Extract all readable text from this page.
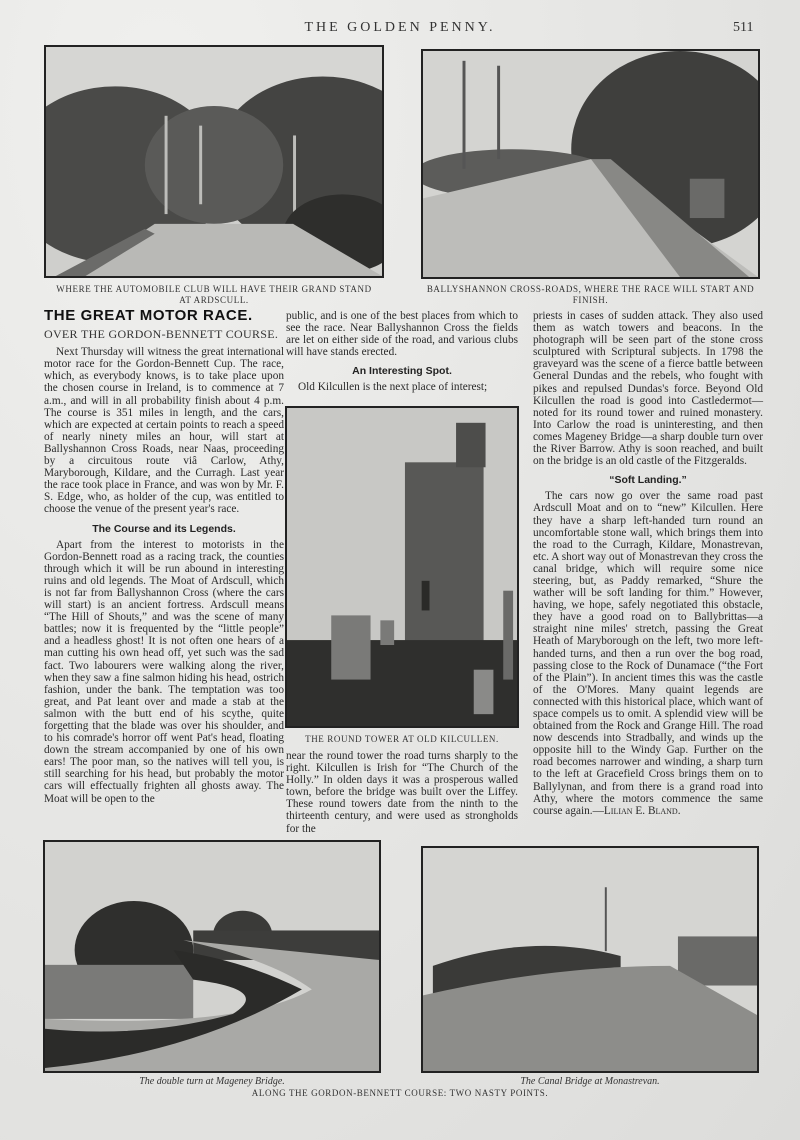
THE GOLDEN PENNY.	511
WHERE THE AUTOMOBILE CLUB WILL HAVE THEIR GRAND STAND
AT ARDSCULL.
BALLYSHANNON CROSS-ROADS, WHERE THE RACE WILL START AND
FINISH.
THE GREAT MOTOR RACE.
OVER THE GORDON-BENNETT COURSE.

Next Thursday will witness the great international motor race for the Gordon-Bennett Cup. The race, which, as everybody knows, is to take place upon the chosen course in Ireland, is to commence at 7 a.m., and will in all probability finish about 4 p.m. The course is 351 miles in length, and the cars, which are expected at certain points to reach a speed of nearly ninety miles an hour, will start at Ballyshannon Cross Roads, near Naas, proceeding by a circuitous route viâ Carlow, Athy, Maryborough, Kildare, and the Curragh. Last year the race took place in France, and was won by Mr. F. S. Edge, who, as holder of the cup, was entitled to choose the venue of the present year's race.

The Course and its Legends.

Apart from the interest to motorists in the Gordon-Bennett road as a racing track, the counties through which it will be run abound in interesting ruins and old legends. The Moat of Ardscull, which is not far from Ballyshannon Cross (where the cars will start) is an ancient fortress. Ardscull means “The Hill of Shouts,” and was the scene of many battles; now it is frequented by the “little people” and a headless ghost! It is not often one hears of a man cutting his own head off, yet such was the sad fact. Two labourers were walking along the river, when they saw a fine salmon hiding his head, ostrich fashion, under the bank. The temptation was too great, and Pat leant over and made a stab at the salmon with the butt end of his scythe, quite forgetting that the blade was over his shoulder, and to his comrade's horror off went Pat's head, floating down the stream accompanied by one of his own ears! The poor man, so the natives will tell you, is still searching for his head, but probably the motor cars will effectually frighten all ghosts away. The Moat will be open to the

public, and is one of the best places from which to see the race. Near Ballyshannon Cross the fields are let on either side of the road, and various clubs will have stands erected.

An Interesting Spot.

Old Kilcullen is the next place of interest;

THE ROUND TOWER AT OLD KILCULLEN.

near the round tower the road turns sharply to the right. Kilcullen is Irish for “The Church of the Holly.” In olden days it was a prosperous walled town, before the bridge was built over the Liffey. These round towers date from the ninth to the thirteenth century, and were used as strongholds for the

priests in cases of sudden attack. They also used them as watch towers and beacons. In the photograph will be seen part of the stone cross sculptured with Scriptural subjects. In 1798 the graveyard was the scene of a fierce battle between General Dundas and the rebels, who fought with pikes and repulsed Dundas's force. Beyond Old Kilcullen the road is good into Castledermot—noted for its round tower and ruined monastery. Into Carlow the road is uninteresting, and then comes Mageney Bridge—a sharp double turn over the River Barrow. Athy is soon reached, and built on the bridge is an old castle of the Fitzgeralds.

“Soft Landing.”

The cars now go over the same road past Ardscull Moat and on to “new” Kilcullen. Here they have a sharp left-handed turn round an uncomfortable stone wall, which brings them into the road to the Curragh, Kildare, Monastrevan, etc. A short way out of Monastrevan they cross the canal bridge, which will require some nice steering, but, as Paddy remarked, “Shure the wather will be soft landing for thim.” However, having, we hope, safely negotiated this obstacle, they have a good road on to Ballybrittas—a straight nine miles' stretch, passing the Great Heath of Maryborough on the left, two more left-handed turns, and then a run over the bog road, passing close to the Rock of Dunamace (“the Fort of the Plain”). In ancient times this was the castle of the O'Mores. Many quaint legends are connected with this historical place, which want of space compels us to omit. A splendid view will be obtained from the Rock and Grange Hill. The road now descends into Stradbally, and winds up the opposite hill to the Windy Gap. Further on the road becomes narrower and winding, a sharp turn to the left at Gracefield Cross brings them on to Ballylynan, and from there is a grand road into Athy, where the motors commence the same course again.—Lilian E. Bland.

The double turn at Mageney Bridge.	The Canal Bridge at Monastrevan.
ALONG THE GORDON-BENNETT COURSE: TWO NASTY POINTS.
